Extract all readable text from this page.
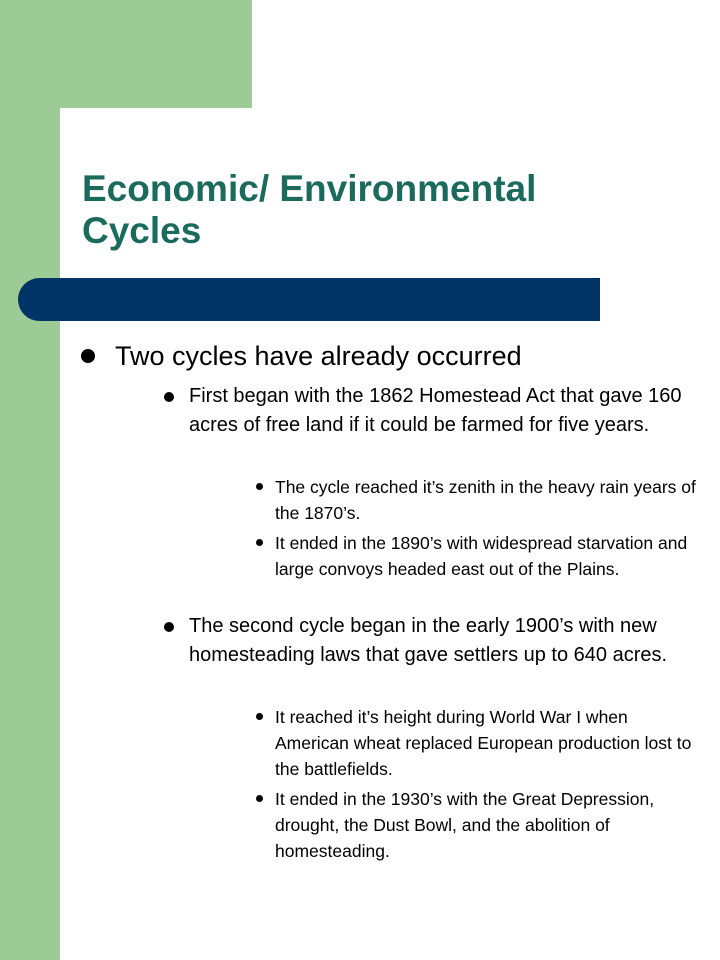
Economic/ Environmental
Cycles
Two cycles have already occurred
First began with the 1862 Homestead Act that gave 160 acres of free land if it could be farmed for five years.
The cycle reached it’s zenith in the heavy rain years of the 1870’s.
It ended in the 1890’s with widespread starvation and large convoys headed east out of the Plains.
The second cycle began in the early 1900’s with new homesteading laws that gave settlers up to 640 acres.
It reached it’s height during World War I when American wheat replaced European production lost to the battlefields.
It ended in the 1930’s with the Great Depression, drought, the Dust Bowl, and the abolition of homesteading.
